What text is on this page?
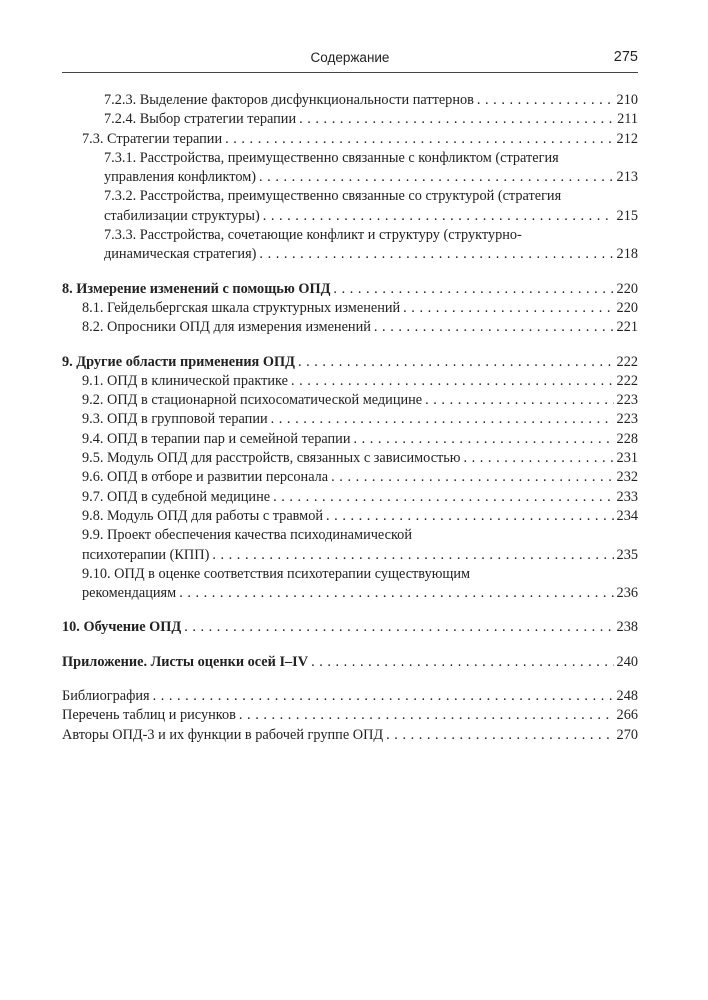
Содержание	275
7.2.3. Выделение факторов дисфункциональности паттернов . . .	210
7.2.4. Выбор стратегии терапии . . .	211
7.3. Стратегии терапии . . .	212
7.3.1. Расстройства, преимущественно связанные с конфликтом (стратегия
управления конфликтом) . . .	213
7.3.2. Расстройства, преимущественно связанные со структурой (стратегия
стабилизации структуры) . . .	215
7.3.3. Расстройства, сочетающие конфликт и структуру (структурно-
динамическая стратегия) . . .	218
8. Измерение изменений с помощью ОПД . . .	220
8.1. Гейдельбергская шкала структурных изменений . . .	220
8.2. Опросники ОПД для измерения изменений . . .	221
9. Другие области применения ОПД . . .	222
9.1. ОПД в клинической практике . . .	222
9.2. ОПД в стационарной психосоматической медицине . . .	223
9.3. ОПД в групповой терапии . . .	223
9.4. ОПД в терапии пар и семейной терапии . . .	228
9.5. Модуль ОПД для расстройств, связанных с зависимостью . . .	231
9.6. ОПД в отборе и развитии персонала . . .	232
9.7. ОПД в судебной медицине . . .	233
9.8. Модуль ОПД для работы с травмой . . .	234
9.9. Проект обеспечения качества психодинамической
психотерапии (КПП) . . .	235
9.10. ОПД в оценке соответствия психотерапии существующим
рекомендациям . . .	236
10. Обучение ОПД . . .	238
Приложение. Листы оценки осей I–IV . . .	240
Библиография . . .	248
Перечень таблиц и рисунков . . .	266
Авторы ОПД-3 и их функции в рабочей группе ОПД . . .	270
